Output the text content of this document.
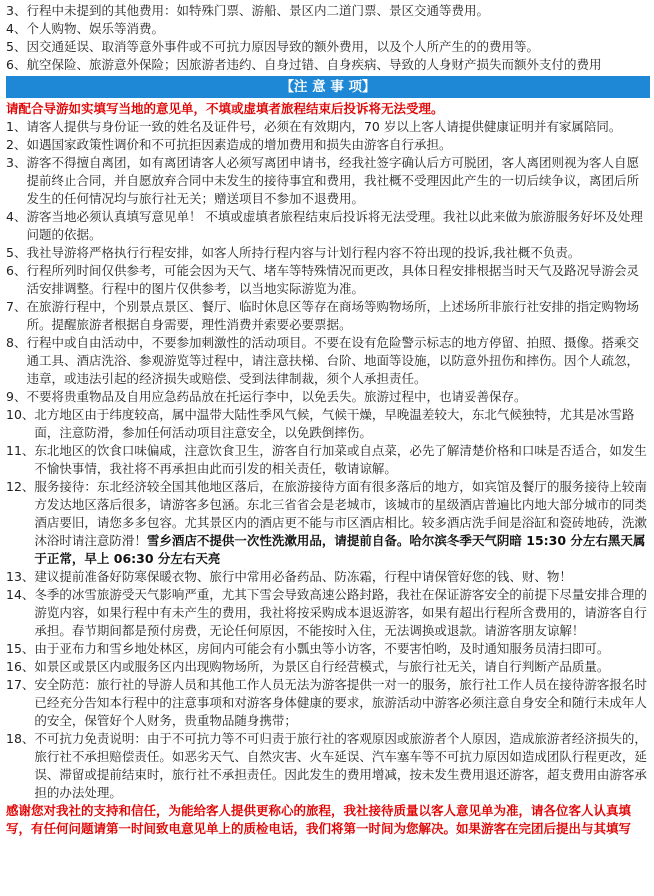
3、 行程中未提到的其他费用：如特殊门票、游船、景区内二道门票、景区交通等费用。
4、 个人购物、娱乐等消费。
5、 因交通延误、取消等意外事件或不可抗力原因导致的额外费用，以及个人所产生的的费用等。
6、 航空保险、旅游意外保险；因旅游者违约、自身过错、自身疾病、导致的人身财产损失而额外支付的费用
【注 意 事 项】
请配合导游如实填写当地的意见单，不填或虚填者旅程结束后投诉将无法受理。
1、 请客人提供与身份证一致的姓名及证件号，必须在有效期内，70 岁以上客人请提供健康证明并有家属陪同。
2、 如遇国家政策性调价和不可抗拒因素造成的增加费用和损失由游客自行承担。
3、 游客不得擅自离团，如有离团请客人必须写离团申请书，经我社签字确认后方可脱团，客人离团则视为客人自愿提前终止合同，并自愿放弃合同中未发生的接待事宜和费用，我社概不受理因此产生的一切后续争议，离团后所发生的任何情况均与旅行社无关；赠送项目不参加不退费用。
4、 游客当地必须认真填写意见单！ 不填或虚填者旅程结束后投诉将无法受理。我社以此来做为旅游服务好坏及处理问题的依据。
5、 我社导游将严格执行行程安排，如客人所持行程内容与计划行程内容不符出现的投诉,我社概不负责。
6、 行程所列时间仅供参考，可能会因为天气、堵车等特殊情况而更改，具体日程安排根据当时天气及路况导游会灵活安排调整。行程中的图片仅供参考，以当地实际游览为准。
7、 在旅游行程中，个别景点景区、餐厅、临时休息区等存在商场等购物场所，上述场所非旅行社安排的指定购物场所。提醒旅游者根据自身需要，理性消费并索要必要票据。
8、 行程中或自由活动中，不要参加刺激性的活动项目。不要在设有危险警示标志的地方停留、拍照、摄像。搭乘交通工具、酒店洗浴、参观游览等过程中，请注意扶梯、台阶、地面等设施，以防意外扭伤和摔伤。因个人疏忽，违章，或违法引起的经济损失或赔偿、受到法律制裁，须个人承担责任。
9、 不要将贵重物品及自用应急药品放在托运行李中，以免丢失。旅游过程中，也请妥善保存。
10、 北方地区由于纬度较高，属中温带大陆性季风气候，气候干燥，早晚温差较大，东北气候独特，尤其是冰雪路面，注意防滑，参加任何活动项目注意安全，以免跌倒摔伤。
11、 东北地区的饮食口味偏咸，注意饮食卫生，游客自行加菜或自点菜，必先了解清楚价格和口味是否适合，如发生不愉快事情，我社将不再承担由此而引发的相关责任，敬请谅解。
12、 服务接待：东北经济较全国其他地区落后，在旅游接待方面有很多落后的地方，如宾馆及餐厅的服务接待上较南方发达地区落后很多，请游客多包涵。东北三省省会是老城市，该城市的星级酒店普遍比内地大部分城市的同类酒店要旧，请您多多包容。尤其景区内的酒店更不能与市区酒店相比。较多酒店洗手间是浴缸和瓷砖地砖，洗漱沐浴时请注意防滑！雪乡酒店不提供一次性洗漱用品，请提前自备。哈尔滨冬季天气阴暗 15:30 分左右黑天属于正常，早上 06:30 分左右天亮
13、 建议提前准备好防寒保暖衣物、旅行中常用必备药品、防冻霜，行程中请保管好您的钱、财、物！
14、 冬季的冰雪旅游受天气影响严重，尤其下雪会导致高速公路封路，我社在保证游客安全的前提下尽量安排合理的游览内容，如果行程中有未产生的费用，我社将按采购成本退返游客，如果有超出行程所含费用的，请游客自行承担。春节期间都是预付房费，无论任何原因，不能按时入住，无法调换或退款。请游客朋友谅解！
15、 由于亚布力和雪乡地处林区，房间内可能会有小瓢虫等小访客，不要害怕哟，及时通知服务员清扫即可。
16、 如景区或景区内或服务区内出现购物场所，为景区自行经营模式，与旅行社无关，请自行判断产品质量。
17、 安全防范：旅行社的导游人员和其他工作人员无法为游客提供一对一的服务，旅行社工作人员在接待游客报名时已经充分告知本行程中的注意事项和对游客身体健康的要求，旅游活动中游客必须注意自身安全和随行未成年人的安全，保管好个人财务，贵重物品随身携带；
18、 不可抗力免责说明：由于不可抗力等不可归责于旅行社的客观原因或旅游者个人原因，造成旅游者经济损失的，旅行社不承担赔偿责任。如恶劣天气、自然灾害、火车延误、汽车塞车等不可抗力原因如造成团队行程更改，延误、滞留或提前结束时，旅行社不承担责任。因此发生的费用增减，按未发生费用退还游客，超支费用由游客承担的办法处理。
感谢您对我社的支持和信任，为能给客人提供更称心的旅程，我社接待质量以客人意见单为准，请各位客人认真填写，有任何问题请第一时间致电意见单上的质检电话，我们将第一时间为您解决。如果游客在完团后提出与其填写
